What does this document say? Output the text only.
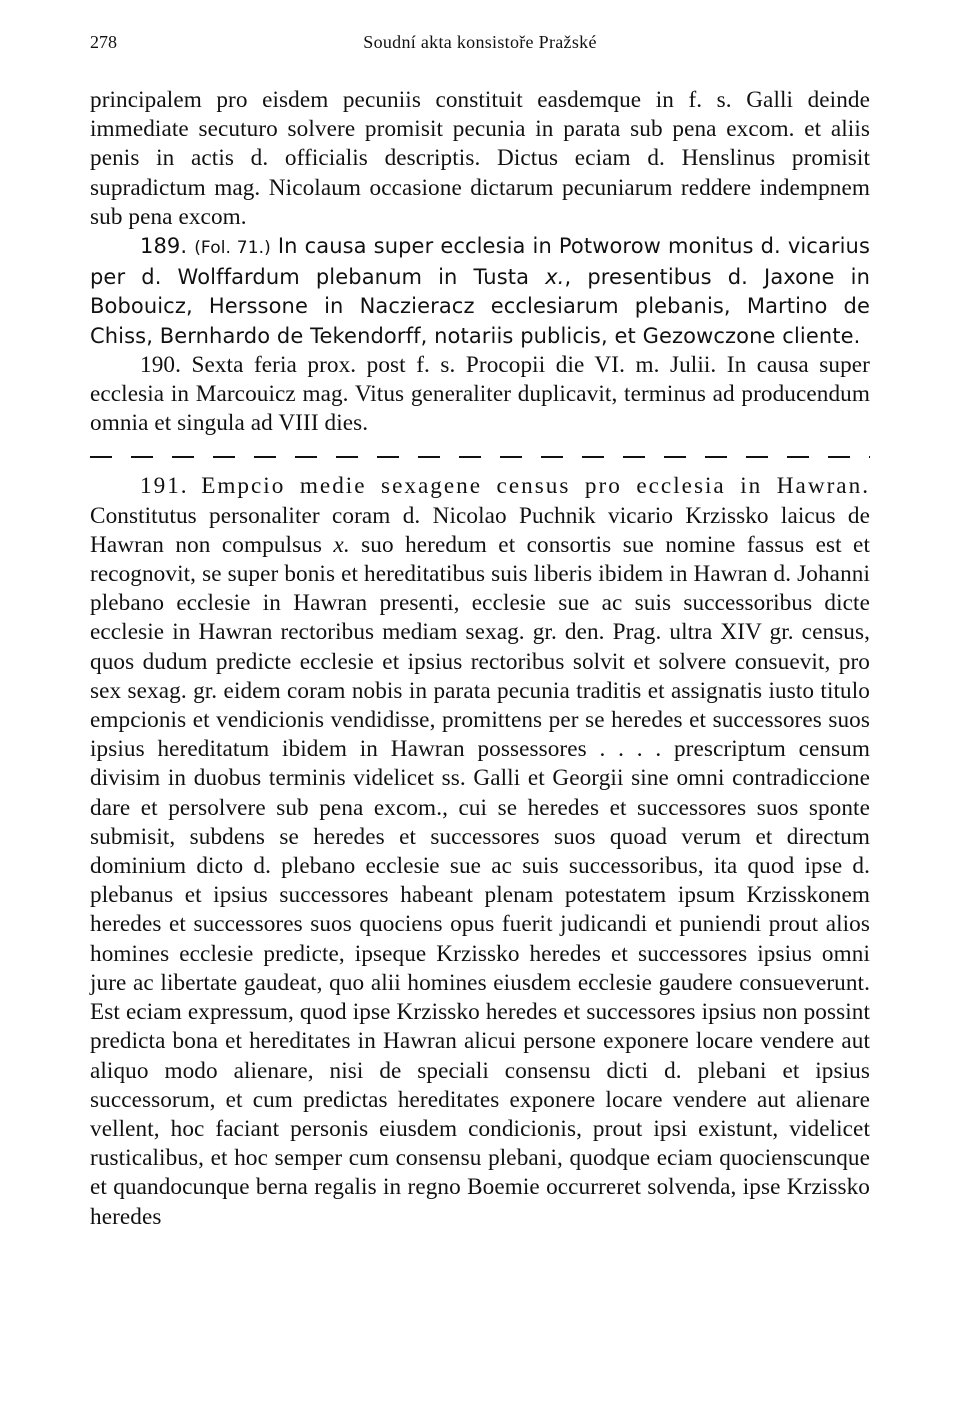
278	Soudní akta konsistoře Pražské

principalem pro eisdem pecuniis constituit easdemque in f. s. Galli deinde immediate secuturo solvere promisit pecunia in parata sub pena excom. et aliis penis in actis d. officialis descriptis. Dictus eciam d. Henslinus promisit supradictum mag. Nicolaum occasione dictarum pecuniarum reddere indempnem sub pena excom.

189. (Fol. 71.) In causa super ecclesia in Potworow monitus d. vicarius per d. Wolffardum plebanum in Tusta x., presentibus d. Jaxone in Bobouicz, Herssone in Naczieracz ecclesiarum plebanis, Martino de Chiss, Bernhardo de Tekendorff, notariis publicis, et Gezowczone cliente.

190. Sexta feria prox. post f. s. Procopii die VI. m. Julii. In causa super ecclesia in Marcouicz mag. Vitus generaliter duplicavit, terminus ad producendum omnia et singula ad VIII dies.

191. Empcio medie sexagene census pro ecclesia in Hawran. Constitutus personaliter coram d. Nicolao Puchnik vicario Krzissko laicus de Hawran non compulsus x. suo heredum et consortis sue nomine fassus est et recognovit, se super bonis et hereditatibus suis liberis ibidem in Hawran d. Johanni plebano ecclesie in Hawran presenti, ecclesie sue ac suis successoribus dicte ecclesie in Hawran rectoribus mediam sexag. gr. den. Prag. ultra XIV gr. census, quos dudum predicte ecclesie et ipsius rectoribus solvit et solvere consuevit, pro sex sexag. gr. eidem coram nobis in parata pecunia traditis et assignatis iusto titulo empcionis et vendicionis vendidisse, promittens per se heredes et successores suos ipsius hereditatum ibidem in Hawran possessores . . . . prescriptum censum divisim in duobus terminis videlicet ss. Galli et Georgii sine omni contradiccione dare et persolvere sub pena excom., cui se heredes et successores suos sponte submisit, subdens se heredes et successores suos quoad verum et directum dominium dicto d. plebano ecclesie sue ac suis successoribus, ita quod ipse d. plebanus et ipsius successores habeant plenam potestatem ipsum Krzisskonem heredes et successores suos quociens opus fuerit judicandi et puniendi prout alios homines ecclesie predicte, ipseque Krzissko heredes et successores ipsius omni jure ac libertate gaudeat, quo alii homines eiusdem ecclesie gaudere consueverunt. Est eciam expressum, quod ipse Krzissko heredes et successores ipsius non possint predicta bona et hereditates in Hawran alicui persone exponere locare vendere aut aliquo modo alienare, nisi de speciali consensu dicti d. plebani et ipsius successorum, et cum predictas hereditates exponere locare vendere aut alienare vellent, hoc faciant personis eiusdem condicionis, prout ipsi existunt, videlicet rusticalibus, et hoc semper cum consensu plebani, quodque eciam quocienscunque et quandocunque berna regalis in regno Boemie occurreret solvenda, ipse Krzissko heredes
